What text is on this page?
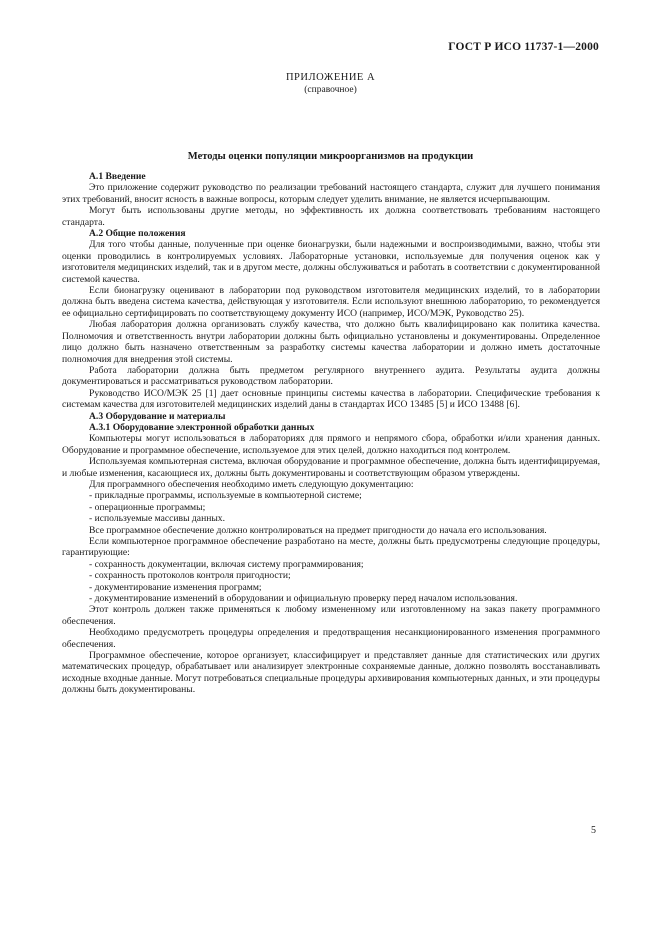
ГОСТ Р ИСО 11737-1—2000
ПРИЛОЖЕНИЕ А
(справочное)
Методы оценки популяции микроорганизмов на продукции

А.1 Введение

Это приложение содержит руководство по реализации требований настоящего стандарта, служит для лучшего понимания этих требований, вносит ясность в важные вопросы, которым следует уделить внимание, не является исчерпывающим.

Могут быть использованы другие методы, но эффективность их должна соответствовать требованиям настоящего стандарта.

А.2 Общие положения

Для того чтобы данные, полученные при оценке бионагрузки, были надежными и воспроизводимыми, важно, чтобы эти оценки проводились в контролируемых условиях. Лабораторные установки, используемые для получения оценок как у изготовителя медицинских изделий, так и в другом месте, должны обслуживаться и работать в соответствии с документированной системой качества.

Если бионагрузку оценивают в лаборатории под руководством изготовителя медицинских изделий, то в лаборатории должна быть введена система качества, действующая у изготовителя. Если используют внешнюю лабораторию, то рекомендуется ее официально сертифицировать по соответствующему документу ИСО (например, ИСО/МЭК, Руководство 25).

Любая лаборатория должна организовать службу качества, что должно быть квалифицировано как политика качества. Полномочия и ответственность внутри лаборатории должны быть официально установлены и документированы. Определенное лицо должно быть назначено ответственным за разработку системы качества лаборатории и должно иметь достаточные полномочия для внедрения этой системы.

Работа лаборатории должна быть предметом регулярного внутреннего аудита. Результаты аудита должны документироваться и рассматриваться руководством лаборатории.

Руководство ИСО/МЭК 25 [1] дает основные принципы системы качества в лаборатории. Специфические требования к системам качества для изготовителей медицинских изделий даны в стандартах ИСО 13485 [5] и ИСО 13488 [6].

А.3 Оборудование и материалы

А.3.1 Оборудование электронной обработки данных

Компьютеры могут использоваться в лабораториях для прямого и непрямого сбора, обработки и/или хранения данных. Оборудование и программное обеспечение, используемое для этих целей, должно находиться под контролем.

Используемая компьютерная система, включая оборудование и программное обеспечение, должна быть идентифицируемая, и любые изменения, касающиеся их, должны быть документированы и соответствующим образом утверждены.

Для программного обеспечения необходимо иметь следующую документацию:

- прикладные программы, используемые в компьютерной системе;

- операционные программы;

- используемые массивы данных.

Все программное обеспечение должно контролироваться на предмет пригодности до начала его использования.

Если компьютерное программное обеспечение разработано на месте, должны быть предусмотрены следующие процедуры, гарантирующие:

- сохранность документации, включая систему программирования;

- сохранность протоколов контроля пригодности;

- документирование изменения программ;

- документирование изменений в оборудовании и официальную проверку перед началом использования.

Этот контроль должен также применяться к любому измененному или изготовленному на заказ пакету программного обеспечения.

Необходимо предусмотреть процедуры определения и предотвращения несанкционированного изменения программного обеспечения.

Программное обеспечение, которое организует, классифицирует и представляет данные для статистических или других математических процедур, обрабатывает или анализирует электронные сохраняемые данные, должно позволять восстанавливать исходные входные данные. Могут потребоваться специальные процедуры архивирования компьютерных данных, и эти процедуры должны быть документированы.

5
